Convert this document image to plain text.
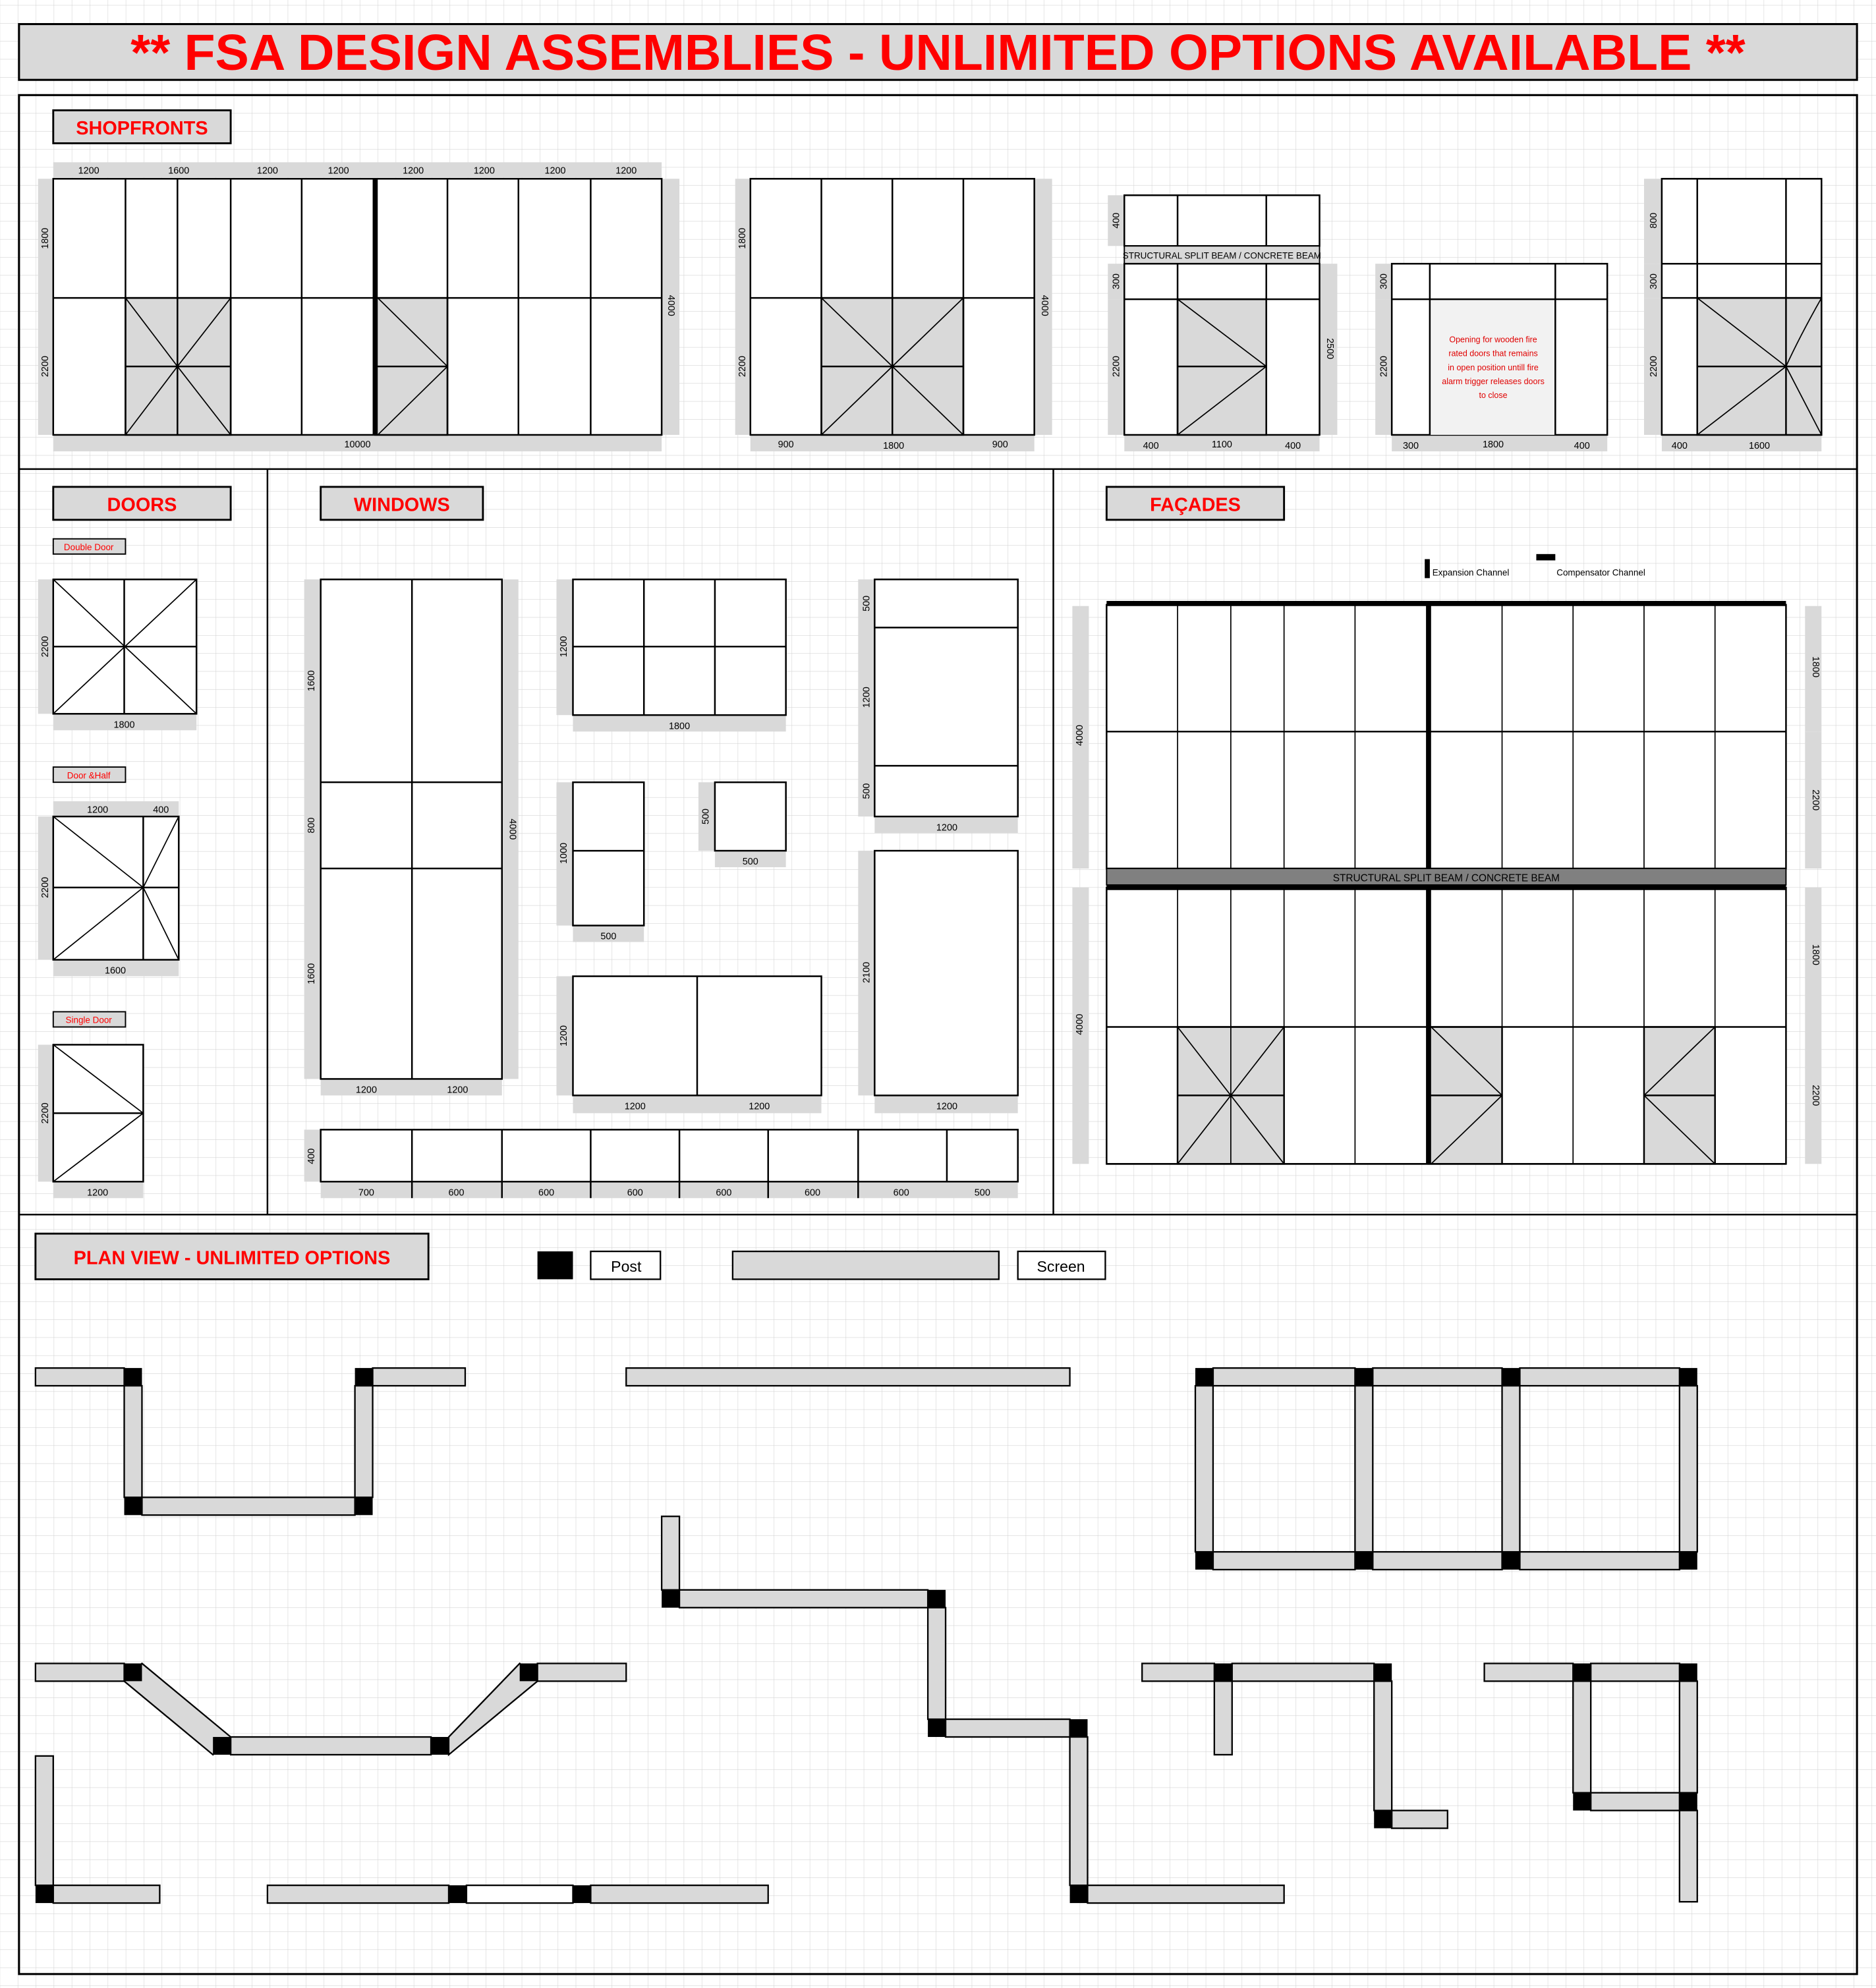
** FSA DESIGN ASSEMBLIES - UNLIMITED OPTIONS AVAILABLE **
SHOPFRONTS
1200	1600	1200	1200	1200	1200	1200	1200
1800
2200
4000
10000
1800
2200
4000
900	1800	900
400
300
2200
2500
400	1100	400
STRUCTURAL SPLIT BEAM / CONCRETE BEAM
300
2200
300	1800	400
Opening for wooden fire
rated doors that remains
in open position untill fire
alarm trigger releases doors
to close
800
300
2200
400	1600
DOORS
Double Door
2200
1800
Door &Half
1200	400
2200
1600
Single Door
2200
1200
WINDOWS
1600
800
1600
4000
1200	1200
1200
1800
500
1200
500
1200
1000
500
500
500
1200
1200	1200
2100
1200
400
700	600	600	600	600	600	600	500
FAÇADES
Expansion Channel	Compensator Channel
4000
1800
2200
STRUCTURAL SPLIT BEAM / CONCRETE BEAM
4000
1800
2200
PLAN VIEW - UNLIMITED OPTIONS	Post	Screen
